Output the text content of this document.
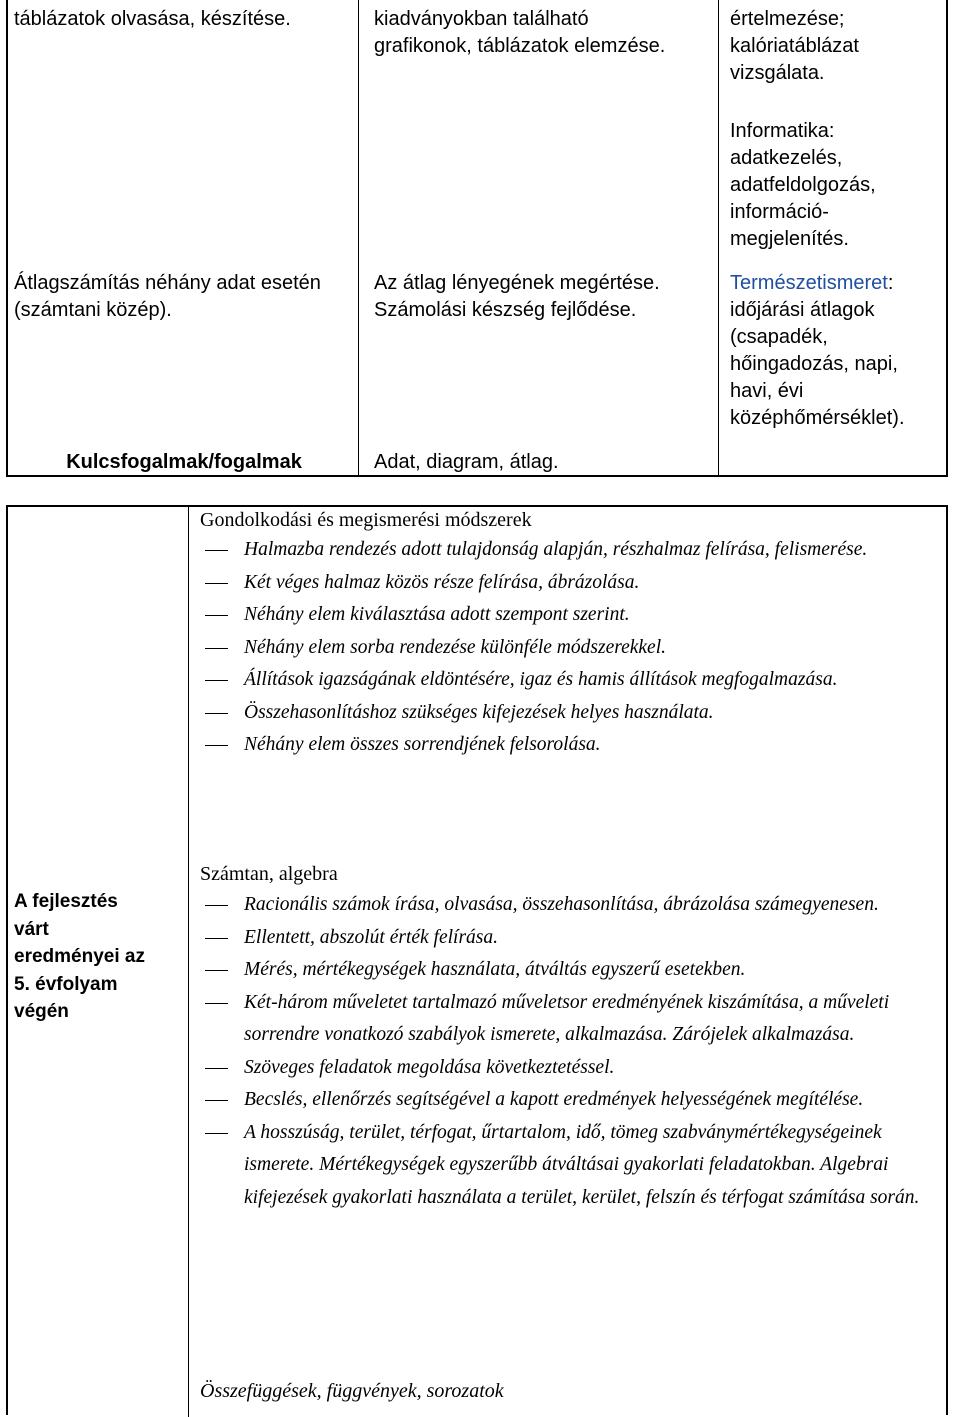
táblázatok olvasása, készítése.
Átlagszámítás néhány adat esetén
(számtani közép).
Kulcsfogalmak/fogalmak
kiadványokban található
grafikonok, táblázatok elemzése.
Az átlag lényegének megértése.
Számolási készség fejlődése.
Adat, diagram, átlag.
értelmezése;
kalóriatáblázat
vizsgálata.
Informatika:
adatkezelés,
adatfeldolgozás,
információ-
megjelenítés.
Természetismeret:
időjárási átlagok
(csapadék,
hőingadozás, napi,
havi, évi
középhőmérséklet).
A fejlesztés
várt
eredményei az
5. évfolyam
végén
Gondolkodási és megismerési módszerek
Halmazba rendezés adott tulajdonság alapján, részhalmaz felírása, felismerése.
Két véges halmaz közös része felírása, ábrázolása.
Néhány elem kiválasztása adott szempont szerint.
Néhány elem sorba rendezése különféle módszerekkel.
Állítások igazságának eldöntésére, igaz és hamis állítások megfogalmazása.
Összehasonlításhoz szükséges kifejezések helyes használata.
Néhány elem összes sorrendjének felsorolása.
Számtan, algebra
Racionális számok írása, olvasása, összehasonlítása, ábrázolása számegyenesen.
Ellentett, abszolút érték felírása.
Mérés, mértékegységek használata, átváltás egyszerű esetekben.
Két-három műveletet tartalmazó műveletsor eredményének kiszámítása, a műveleti sorrendre vonatkozó szabályok ismerete, alkalmazása. Zárójelek alkalmazása.
Szöveges feladatok megoldása következtetéssel.
Becslés, ellenőrzés segítségével a kapott eredmények helyességének megítélése.
A hosszúság, terület, térfogat, űrtartalom, idő, tömeg szabványmértékegységeinek ismerete. Mértékegységek egyszerűbb átváltásai gyakorlati feladatokban. Algebrai kifejezések gyakorlati használata a terület, kerület, felszín és térfogat számítása során.
Összefüggések, függvények, sorozatok
